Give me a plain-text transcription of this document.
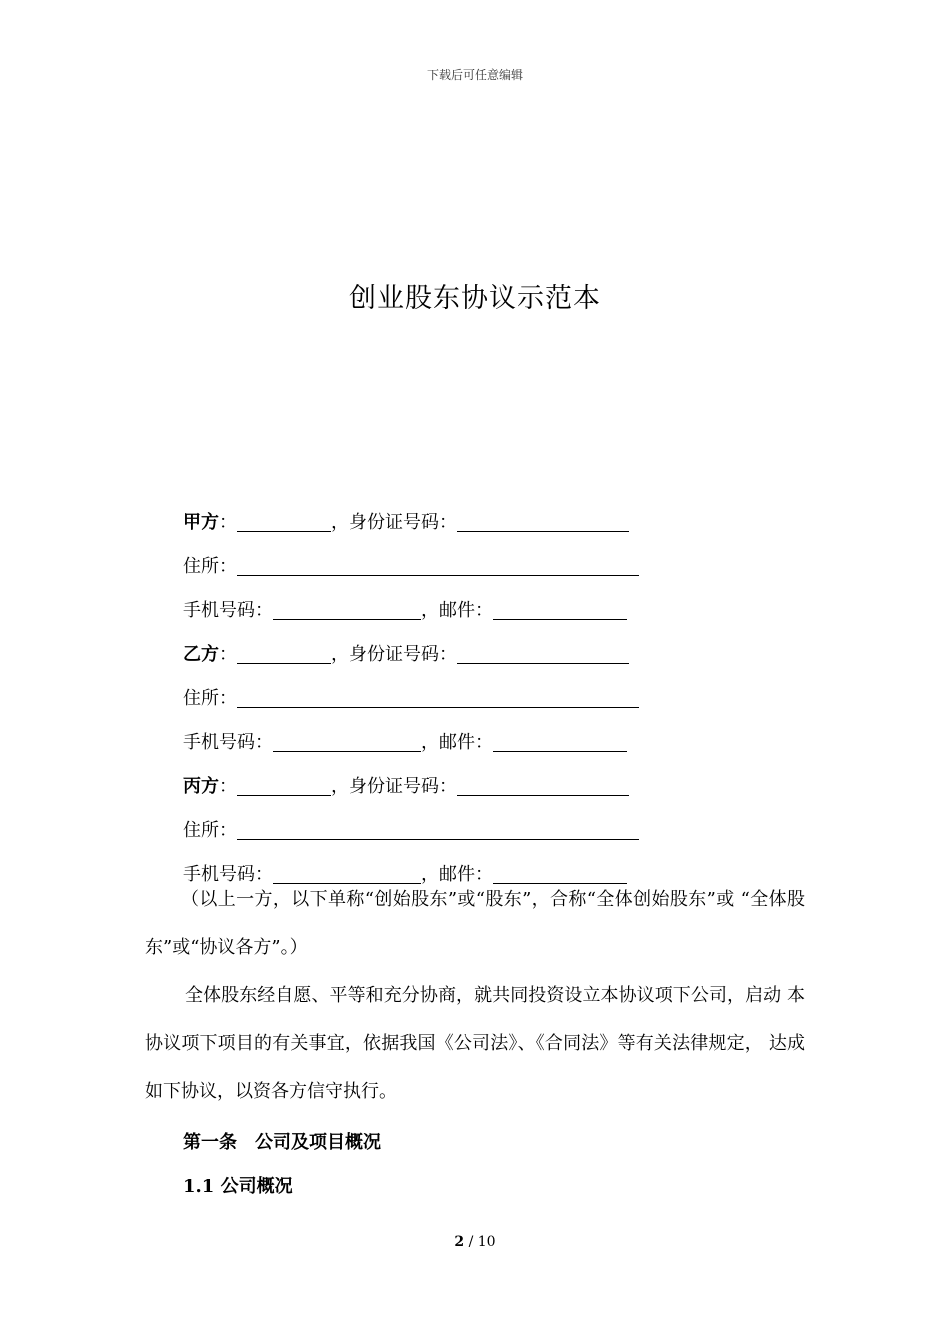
下载后可任意编辑
创业股东协议示范本
甲方 ：	，身份证号码：
住所：
手机号码：	，邮件：
乙方 ：	，身份证号码：
住所：
手机号码：	，邮件：
丙方 ：	，身份证号码：
住所：
手机号码：	，邮件：
（以上一方，以下单称“创始股东”或“股东”，合称“全体创始股东”或 “全体股东”或“协议各方”。）
全体股东经自愿、平等和充分协商，就共同投资设立本协议项下公司，启动 本协议项下项目的有关事宜，依据我国《公司法》、《合同法》等有关法律规定， 达成如下协议，以资各方信守执行。
第一条　公司及项目概况
1.1 公司概况
2 / 10
